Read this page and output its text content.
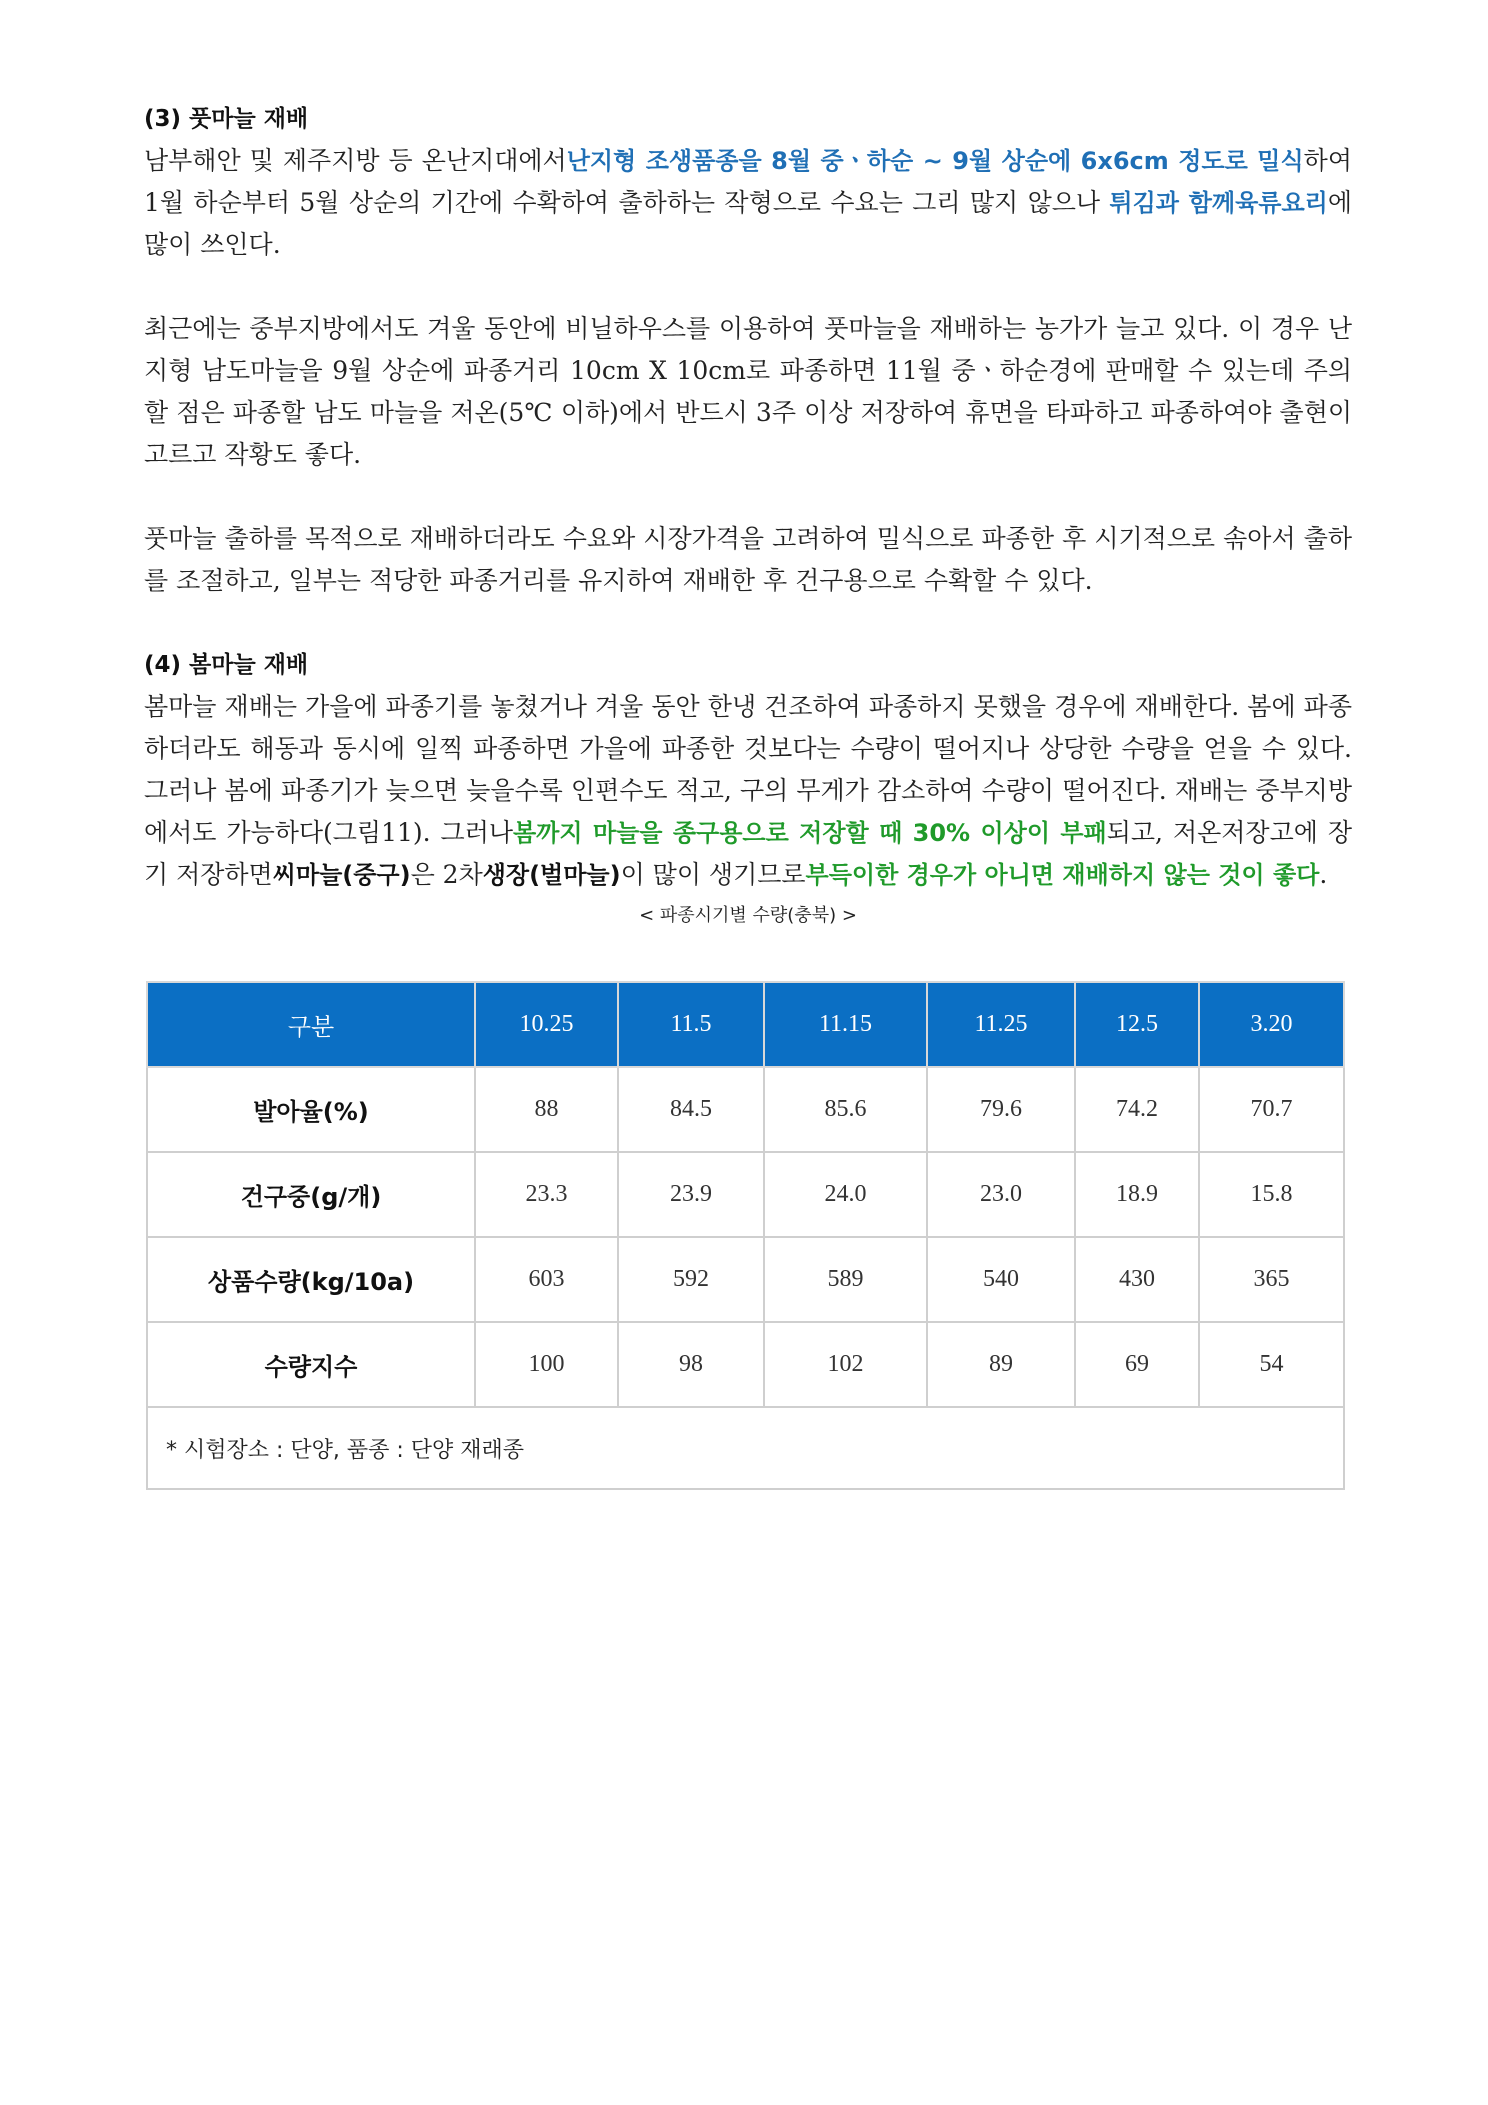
(3) 풋마늘 재배

남부해안 및 제주지방 등 온난지대에서난지형 조생품종을 8월 중ㆍ하순 ~ 9월 상순에 6x6cm 정도로 밀식하여 1월 하순부터 5월 상순의 기간에 수확하여 출하하는 작형으로 수요는 그리 많지 않으나 튀김과 함께육류요리에많이 쓰인다.

최근에는 중부지방에서도 겨울 동안에 비닐하우스를 이용하여 풋마늘을 재배하는 농가가 늘고 있다. 이 경우 난지형 남도마늘을 9월 상순에 파종거리 10cm X 10cm로 파종하면 11월 중ㆍ하순경에 판매할 수 있는데 주의할 점은 파종할 남도 마늘을 저온(5℃ 이하)에서 반드시 3주 이상 저장하여 휴면을 타파하고 파종하여야 출현이 고르고 작황도 좋다.

풋마늘 출하를 목적으로 재배하더라도 수요와 시장가격을 고려하여 밀식으로 파종한 후 시기적으로 솎아서 출하를 조절하고, 일부는 적당한 파종거리를 유지하여 재배한 후 건구용으로 수확할 수 있다.

(4) 봄마늘 재배

봄마늘 재배는 가을에 파종기를 놓쳤거나 겨울 동안 한냉 건조하여 파종하지 못했을 경우에 재배한다. 봄에 파종하더라도 해동과 동시에 일찍 파종하면 가을에 파종한 것보다는 수량이 떨어지나 상당한 수량을 얻을 수 있다. 그러나 봄에 파종기가 늦으면 늦을수록 인편수도 적고, 구의 무게가 감소하여 수량이 떨어진다. 재배는 중부지방에서도 가능하다(그림11). 그러나봄까지 마늘을 종구용으로 저장할 때 30% 이상이 부패되고, 저온저장고에 장기 저장하면씨마늘(중구)은 2차생장(벌마늘)이 많이 생기므로부득이한 경우가 아니면 재배하지 않는 것이 좋다.

< 파종시기별 수량(충북) >
구분	10.25	11.5	11.15	11.25	12.5	3.20
발아율(%)	88	84.5	85.6	79.6	74.2	70.7
건구중(g/개)	23.3	23.9	24.0	23.0	18.9	15.8
상품수량(kg/10a)	603	592	589	540	430	365
수량지수	100	98	102	89	69	54
* 시험장소 : 단양, 품종 : 단양 재래종						
